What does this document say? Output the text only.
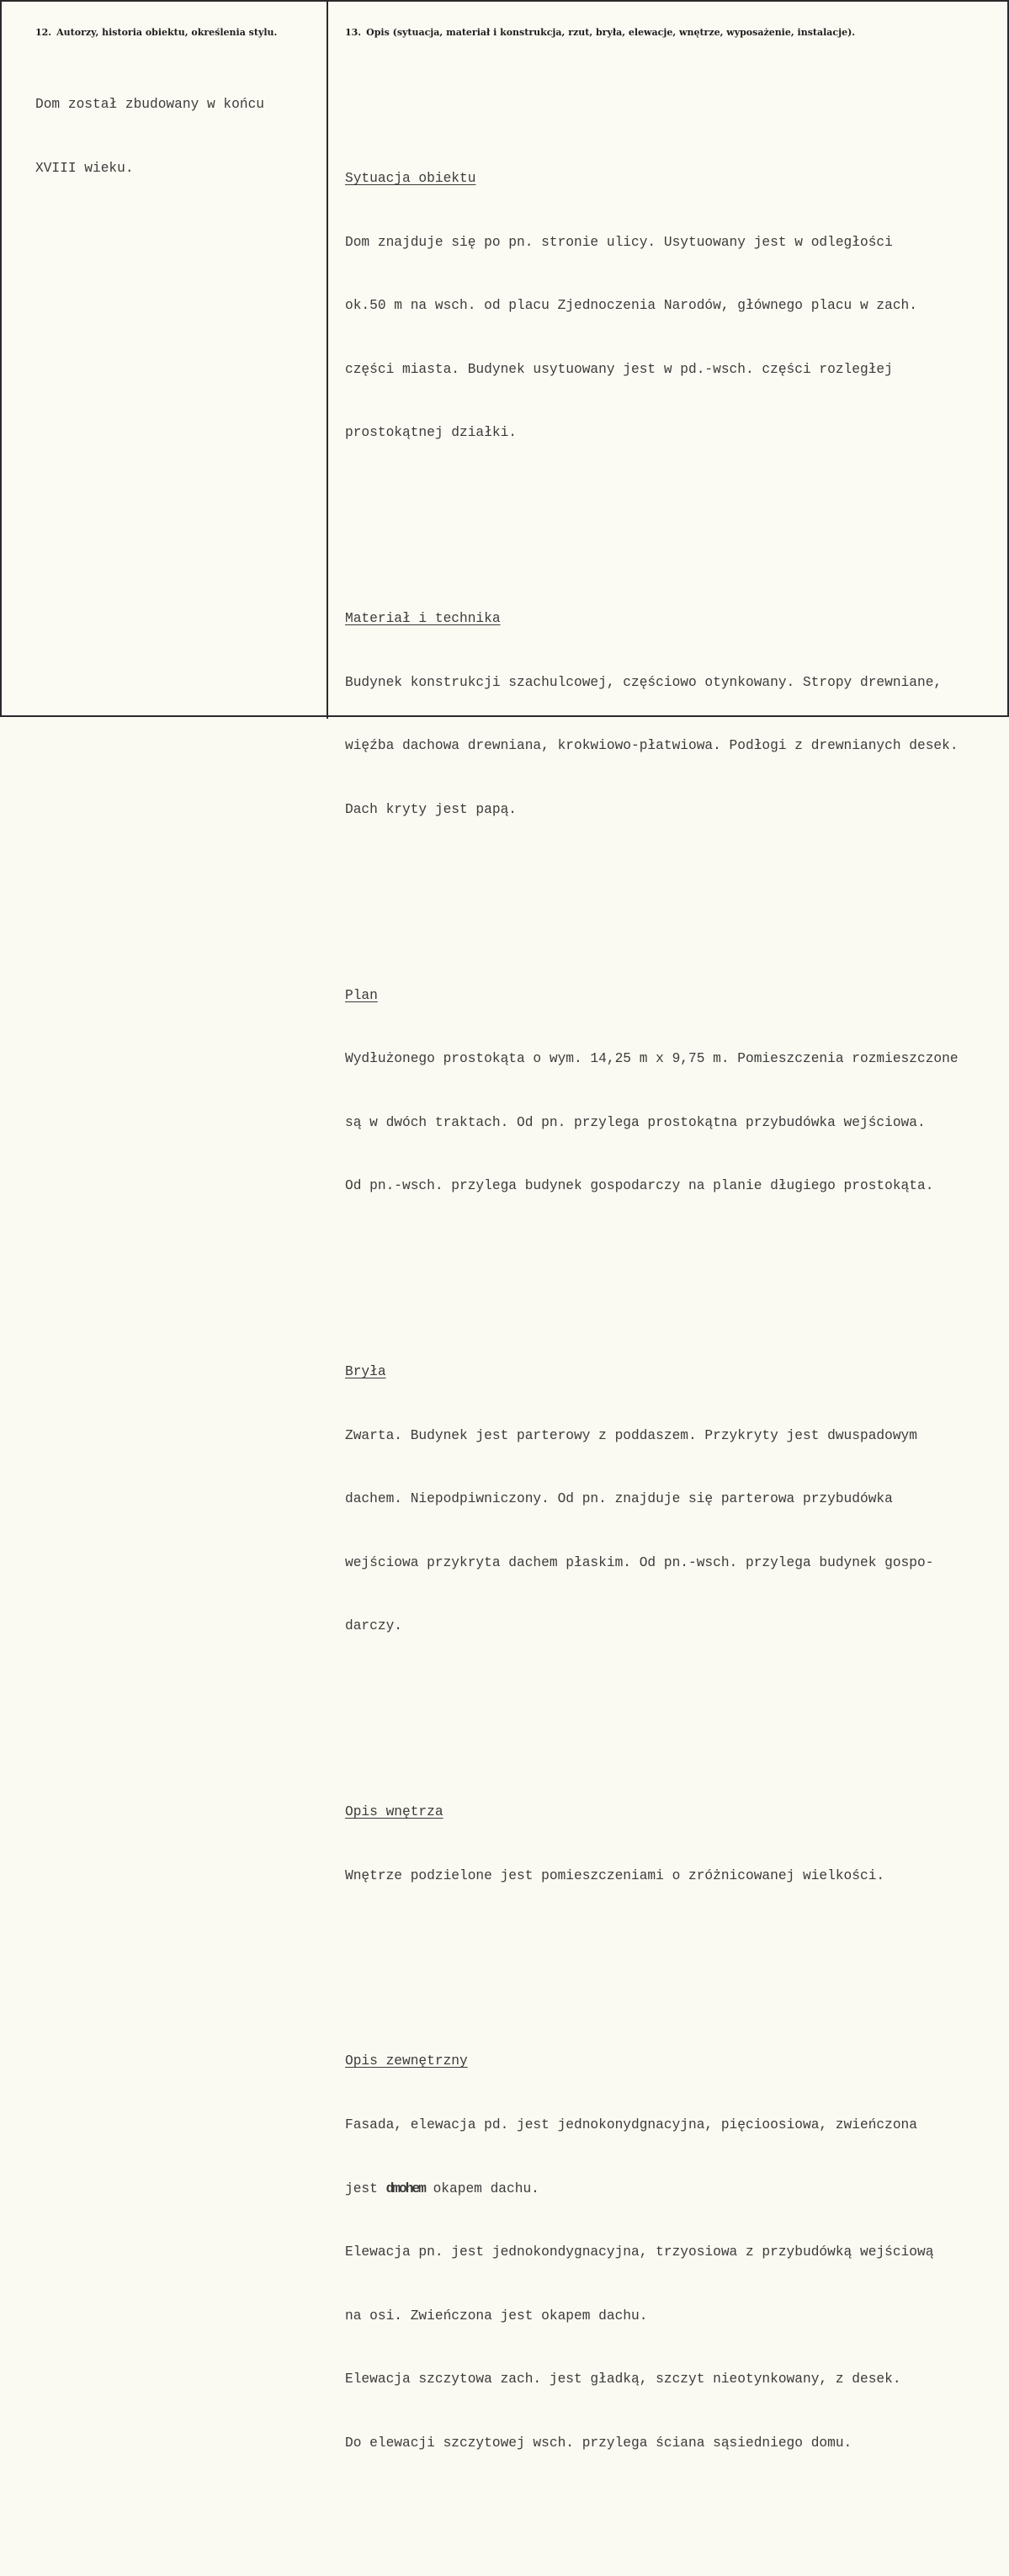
12. Autorzy, historia obiektu, określenia stylu.

Dom został zbudowany w końcu

XVIII wieku.

13. Opis (sytuacja, materiał i konstrukcja, rzut, bryła, elewacje, wnętrze, wyposażenie, instalacje).

Sytuacja obiektu

Dom znajduje się po pn. stronie ulicy. Usytuowany jest w odległości

ok.50 m na wsch. od placu Zjednoczenia Narodów, głównego placu w zach.

części miasta. Budynek usytuowany jest w pd.-wsch. części rozległej

prostokątnej działki.

Materiał i technika

Budynek konstrukcji szachulcowej, częściowo otynkowany. Stropy drewniane,

więźba dachowa drewniana, krokwiowo-płatwiowa. Podłogi z drewnianych desek.

Dach kryty jest papą.

Plan

Wydłużonego prostokąta o wym. 14,25 m x 9,75 m. Pomieszczenia rozmieszczone

są w dwóch traktach. Od pn. przylega prostokątna przybudówka wejściowa.

Od pn.-wsch. przylega budynek gospodarczy na planie długiego prostokąta.

Bryła

Zwarta. Budynek jest parterowy z poddaszem. Przykryty jest dwuspadowym

dachem. Niepodpiwniczony. Od pn. znajduje się parterowa przybudówka

wejściowa przykryta dachem płaskim. Od pn.-wsch. przylega budynek gospo-

darczy.

Opis wnętrza

Wnętrze podzielone jest pomieszczeniami o zróżnicowanej wielkości.

Opis zewnętrzny

Fasada, elewacja pd. jest jednokonydgnacyjna, pięcioosiowa, zwieńczona

jest dmohem okapem dachu.

Elewacja pn. jest jednokondygnacyjna, trzyosiowa z przybudówką wejściową

na osi. Zwieńczona jest okapem dachu.

Elewacja szczytowa zach. jest gładką, szczyt nieotynkowany, z desek.

Do elewacji szczytowej wsch. przylega ściana sąsiedniego domu.
